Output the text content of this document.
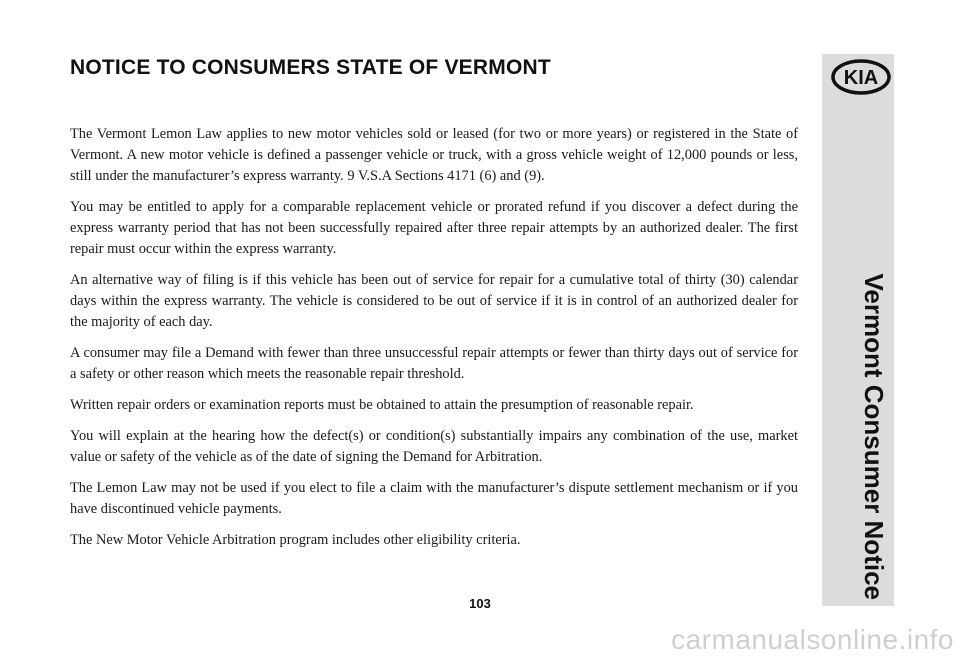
NOTICE TO CONSUMERS STATE OF VERMONT

The Vermont Lemon Law applies to new motor vehicles sold or leased (for two or more years) or registered in the State of Vermont. A new motor vehicle is defined a passenger vehicle or truck, with a gross vehicle weight of 12,000 pounds or less, still under the manufacturer’s express warranty. 9 V.S.A Sections 4171 (6) and (9).

You may be entitled to apply for a comparable replacement vehicle or prorated refund if you discover a defect during the express warranty period that has not been successfully repaired after three repair attempts by an authorized dealer. The first repair must occur within the express warranty.

An alternative way of filing is if this vehicle has been out of service for repair for a cumulative total of thirty (30) calendar days within the express warranty. The vehicle is considered to be out of service if it is in control of an authorized dealer for the majority of each day.

A consumer may file a Demand with fewer than three unsuccessful repair attempts or fewer than thirty days out of service for a safety or other reason which meets the reasonable repair threshold.

Written repair orders or examination reports must be obtained to attain the presumption of reasonable repair.

You will explain at the hearing how the defect(s) or condition(s) substantially impairs any combination of the use, market value or safety of the vehicle as of the date of signing the Demand for Arbitration.

The Lemon Law may not be used if you elect to file a claim with the manufacturer’s dispute settlement mechanism or if you have discontinued vehicle payments.

The New Motor Vehicle Arbitration program includes other eligibility criteria.

KIA
Vermont Consumer Notice
103
carmanualsonline.info
